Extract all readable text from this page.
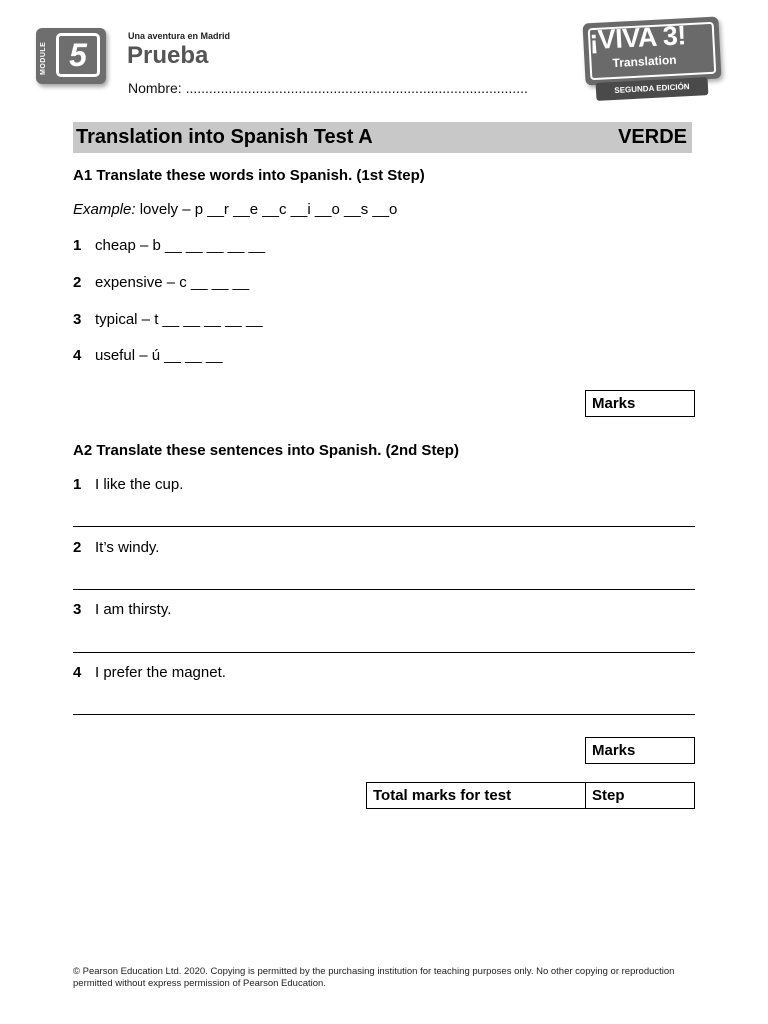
MODULE 5
Una aventura en Madrid
Prueba
Nombre: ........................................................................................
¡VIVA 3!
Translation
SEGUNDA EDICIÓN
Translation into Spanish Test A	VERDE
A1 Translate these words into Spanish. (1st Step)
Example: lovely – p __r __e __c __i __o __s __o
1 cheap – b __ __ __ __ __
2 expensive – c __ __ __
3 typical – t __ __ __ __ __
4 useful – ú __ __ __
Marks
A2 Translate these sentences into Spanish. (2nd Step)
1 I like the cup.
2 It’s windy.
3 I am thirsty.
4 I prefer the magnet.
Marks
Total marks for test	Step
© Pearson Education Ltd. 2020. Copying is permitted by the purchasing institution for teaching purposes only. No other copying or reproduction permitted without express permission of Pearson Education.
